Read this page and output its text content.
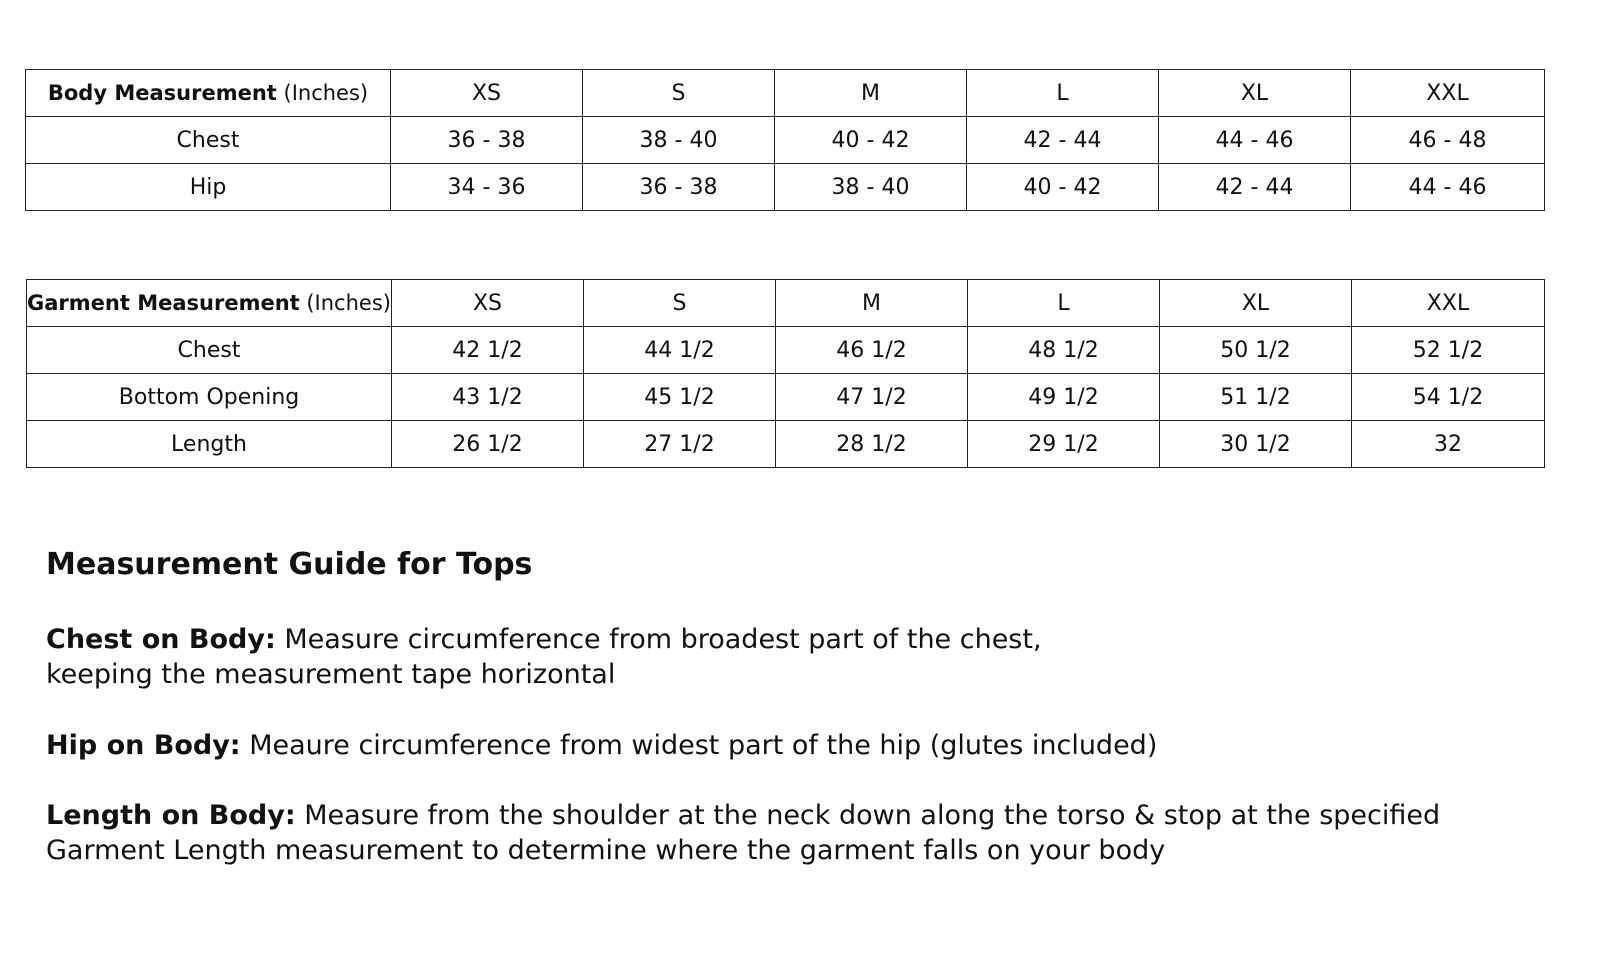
Body Measurement (Inches)	XS	S	M	L	XL	XXL
Chest	36 - 38	38 - 40	40 - 42	42 - 44	44 - 46	46 - 48
Hip	34 - 36	36 - 38	38 - 40	40 - 42	42 - 44	44 - 46
Garment Measurement (Inches)	XS	S	M	L	XL	XXL
Chest	42 1/2	44 1/2	46 1/2	48 1/2	50 1/2	52 1/2
Bottom Opening	43 1/2	45 1/2	47 1/2	49 1/2	51 1/2	54 1/2
Length	26 1/2	27 1/2	28 1/2	29 1/2	30 1/2	32
Measurement Guide for Tops
Chest on Body: Measure circumference from broadest part of the chest,
keeping the measurement tape horizontal
Hip on Body: Meaure circumference from widest part of the hip (glutes included)
Length on Body: Measure from the shoulder at the neck down along the torso & stop at the specified
Garment Length measurement to determine where the garment falls on your body
